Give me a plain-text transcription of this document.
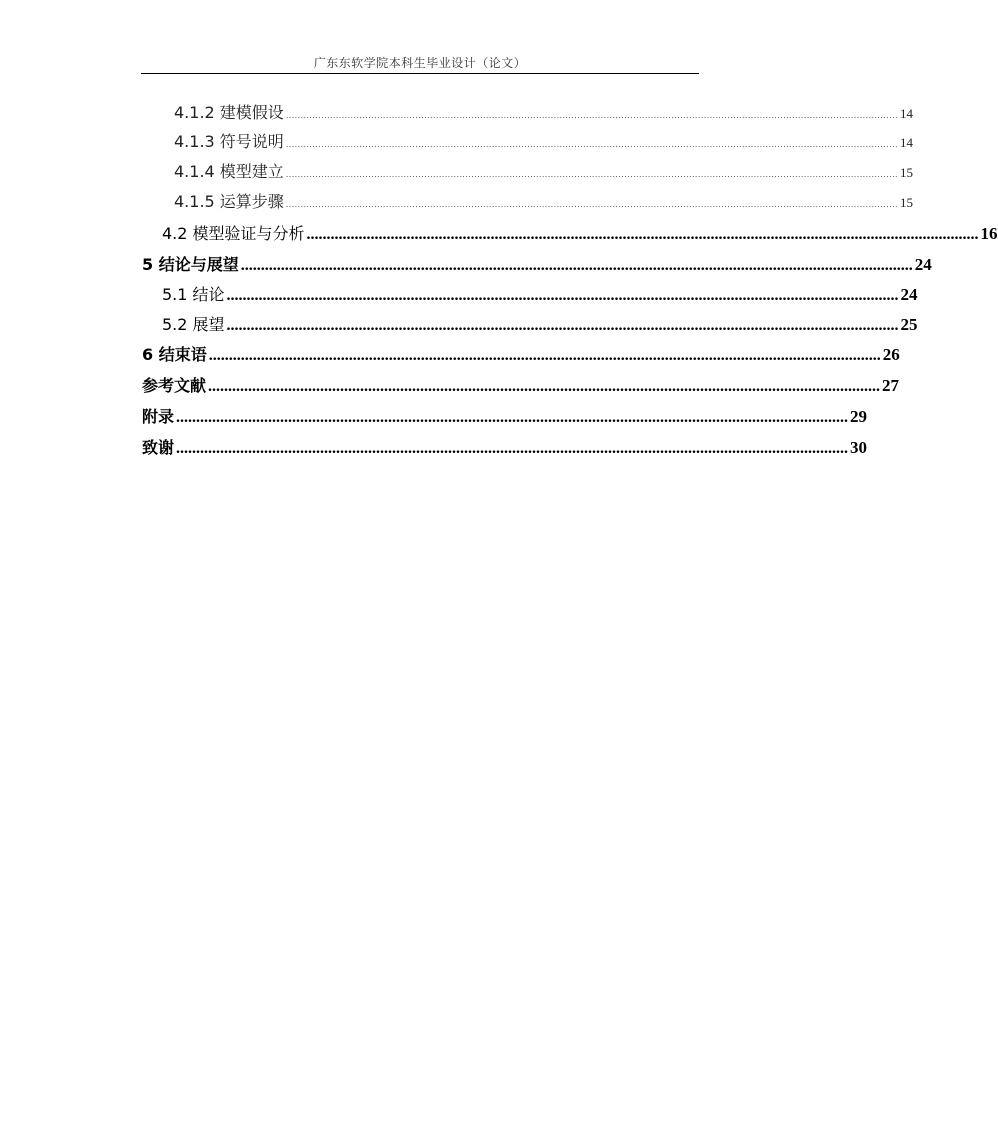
广东东软学院本科生毕业设计（论文）
4.1.2 建模假设 ................................................................................................................................................................................................................ 14
4.1.3 符号说明 ................................................................................................................................................................................................................ 14
4.1.4 模型建立 ................................................................................................................................................................................................................ 15
4.1.5 运算步骤 ................................................................................................................................................................................................................ 15
4.2 模型验证与分析 ........................................................................................................................................................................ 16
5 结论与展望 ........................................................................................................................................................................ 24
5.1 结论 ........................................................................................................................................................................ 24
5.2 展望 ........................................................................................................................................................................ 25
6 结束语 ........................................................................................................................................................................ 26
参考文献 ........................................................................................................................................................................ 27
附录 ........................................................................................................................................................................ 29
致谢 ........................................................................................................................................................................ 30
